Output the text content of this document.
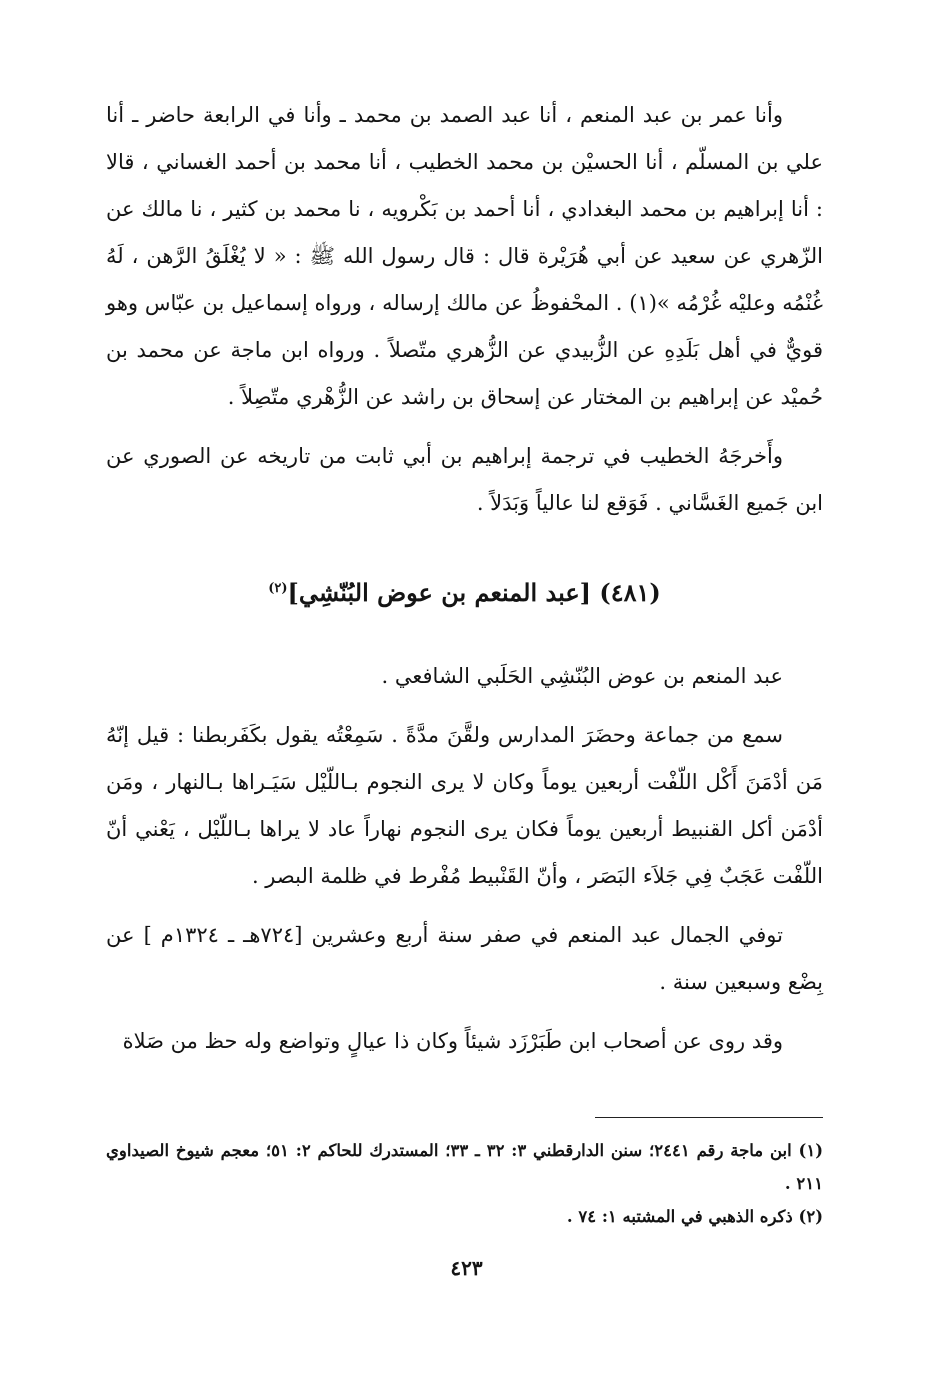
وأنا عمر بن عبد المنعم ، أنا عبد الصمد بن محمد ـ وأنا في الرابعة حاضر ـ أنا علي بن المسلّم ، أنا الحسيْن بن محمد الخطيب ، أنا محمد بن أحمد الغساني ، قالا : أنا إبراهيم بن محمد البغدادي ، أنا أحمد بن بَكْرويه ، نا محمد بن كثير ، نا مالك عن الزّهري عن سعيد عن أبي هُرَيْرة قال : قال رسول الله ﷺ : « لا يُغْلَقُ الرَّهن ، لَهُ غُنْمُه وعليْه غُرْمُه »(١) . المحْفوظُ عن مالك إرساله ، ورواه إسماعيل بن عبّاس وهو قويٌّ في أهل بَلَدِهِ عن الزُّبيدي عن الزُّهري متّصلاً . ورواه ابن ماجة عن محمد بن حُميْد عن إبراهيم بن المختار عن إسحاق بن راشد عن الزُّهْري متّصِلاً .

وأَخرجَهُ الخطيب في ترجمة إبراهيم بن أبي ثابت من تاريخه عن الصوري عن ابن جَميع الغَسَّاني . فَوَقع لنا عالياً وَبَدَلاً .

(٤٨١) [عبد المنعم بن عوض البُنّشِي]$^{(٢)}$

عبد المنعم بن عوض البُنّشِي الحَلَبي الشافعي .

سمع من جماعة وحضَرَ المدارس ولقَّنَ مدَّةً . سَمِعْتُه يقول بكَفَربطنا : قيل إنّهُ مَن أدْمَنَ أَكْل اللّفْت أربعين يوماً وكان لا يرى النجوم بـاللّيْل سَيَـراها بـالنهار ، ومَن أدْمَن أكل القنبيط أربعين يوماً فكان يرى النجوم نهاراً عاد لا يراها بـاللّيْل ، يَعْني أنّ اللّفْت عَجَبٌ فِي جَلاَء البَصَر ، وأنّ القَنْبيط مُفْرط في ظلمة البصر .

توفي الجمال عبد المنعم في صفر سنة أربع وعشرين [٧٢٤هـ ـ ١٣٢٤م ] عن بِضْع وسبعين سنة .

وقد روى عن أصحاب ابن طَبَرْزَد شيئاً وكان ذا عيالٍ وتواضع وله حظ من صَلاة

(١) ابن ماجة رقم ٢٤٤١؛ سنن الدارقطني ٣: ٣٢ ـ ٣٣؛ المستدرك للحاكم ٢: ٥١؛ معجم شيوخ الصيداوي ٢١١ .

(٢) ذكره الذهبي في المشتبه ١: ٧٤ .

٤٢٣
